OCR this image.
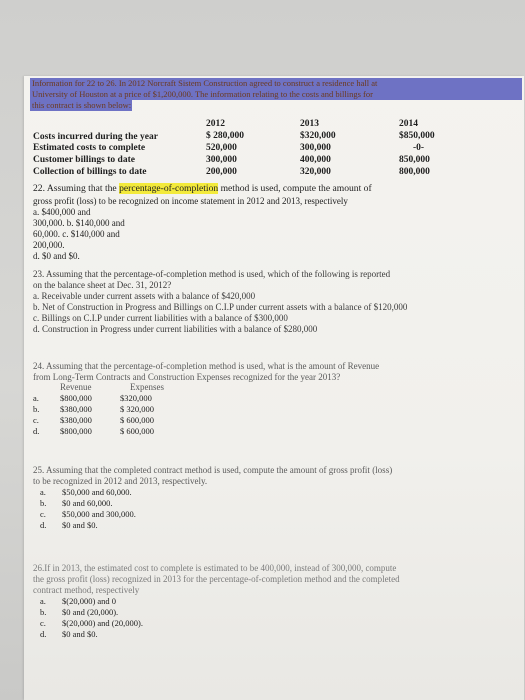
Information for 22 to 26. In 2012 Norcraft Sistem Construction agreed to construct a residence hall at
University of Houston at a price of $1,200,000. The information relating to the costs and billings for
this contract is shown below:
2012	2013	2014
Costs incurred during the year	$ 280,000	$320,000	$850,000
Estimated costs to complete	520,000	300,000	-0-
Customer billings to date	300,000	400,000	850,000
Collection of billings to date	200,000	320,000	800,000
22. Assuming that the percentage-of-completion method is used, compute the amount of
gross profit (loss) to be recognized on income statement in 2012 and 2013, respectively
a. $400,000 and
300,000. b. $140,000 and
60,000. c. $140,000 and
200,000.
d. $0 and $0.
23. Assuming that the percentage-of-completion method is used, which of the following is reported
on the balance sheet at Dec. 31, 2012?
a. Receivable under current assets with a balance of $420,000
b. Net of Construction in Progress and Billings on C.I.P under current assets with a balance of $120,000
c. Billings on C.I.P under current liabilities with a balance of $300,000
d. Construction in Progress under current liabilities with a balance of $280,000
24. Assuming that the percentage-of-completion method is used, what is the amount of Revenue
from Long-Term Contracts and Construction Expenses recognized for the year 2013?
Revenue	Expenses
a. $800,000	$320,000
b. $380,000	$ 320,000
c. $380,000	$ 600,000
d. $800,000	$ 600,000
25. Assuming that the completed contract method is used, compute the amount of gross profit (loss)
to be recognized in 2012 and 2013, respectively.
a. $50,000 and 60,000.
b. $0 and 60,000.
c. $50,000 and 300,000.
d. $0 and $0.
26.If in 2013, the estimated cost to complete is estimated to be 400,000, instead of 300,000, compute
the gross profit (loss) recognized in 2013 for the percentage-of-completion method and the completed
contract method, respectively
a. $(20,000) and 0
b. $0 and (20,000).
c. $(20,000) and (20,000).
d. $0 and $0.
